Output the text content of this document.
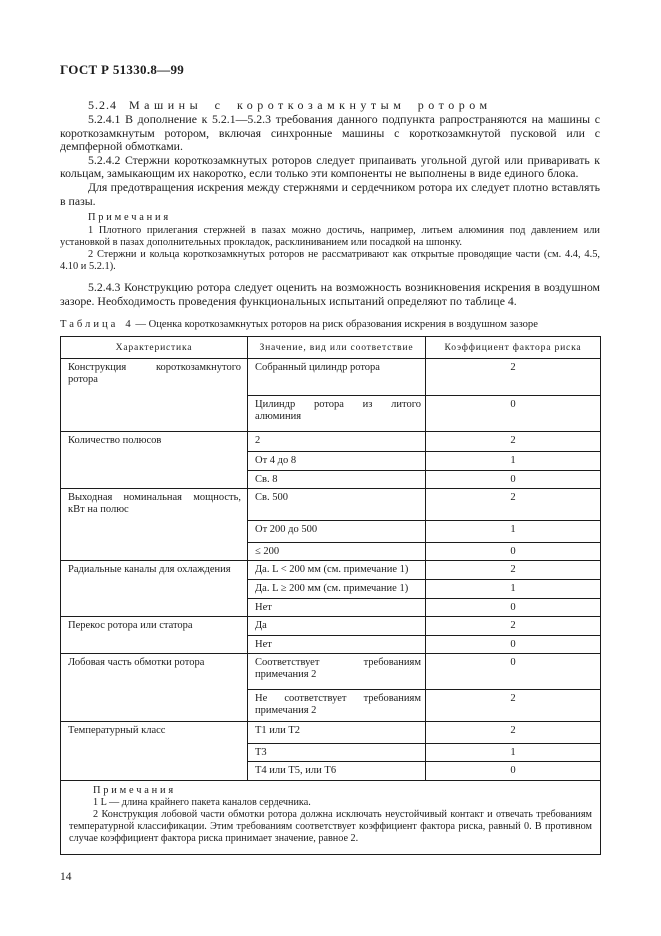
ГОСТ Р 51330.8—99

5.2.4 Машины с короткозамкнутым ротором

5.2.4.1 В дополнение к 5.2.1—5.2.3 требования данного подпункта рапространяются на машины с короткозамкнутым ротором, включая синхронные машины с короткозамкнутой пусковой или с демпферной обмотками.

5.2.4.2 Стержни короткозамкнутых роторов следует припаивать угольной дугой или приваривать к кольцам, замыкающим их накоротко, если только эти компоненты не выполнены в виде единого блока.

Для предотвращения искрения между стержнями и сердечником ротора их следует плотно вставлять в пазы.

Примечания

1 Плотного прилегания стержней в пазах можно достичь, например, литьем алюминия под давлением или установкой в пазах дополнительных прокладок, расклиниванием или посадкой на шпонку.

2 Стержни и кольца короткозамкнутых роторов не рассматривают как открытые проводящие части (см. 4.4, 4.5, 4.10 и 5.2.1).

5.2.4.3 Конструкцию ротора следует оценить на возможность возникновения искрения в воздушном зазоре. Необходимость проведения функциональных испытаний определяют по таблице 4.

Таблица 4 — Оценка короткозамкнутых роторов на риск образования искрения в воздушном зазоре

Характеристика	Значение, вид или соответствие	Коэффициент фактора риска
Конструкция короткозамкнутого ротора	Собранный цилиндр ротора	2
	Цилиндр ротора из литого алюминия	0
Количество полюсов	2	2
	От 4 до 8	1
	Св. 8	0
Выходная номинальная мощность, кВт на полюс	Св. 500	2
	От 200 до 500	1
	≤ 200	0
Радиальные каналы для охлаждения	Да. L < 200 мм (см. примечание 1)	2
	Да. L ≥ 200 мм (см. примечание 1)	1
	Нет	0
Перекос ротора или статора	Да	2
	Нет	0
Лобовая часть обмотки ротора	Соответствует требованиям примечания 2	0
	Не соответствует требованиям примечания 2	2
Температурный класс	Т1 или Т2	2
	Т3	1
	Т4 или Т5, или Т6	0

Примечания

1 L — длина крайнего пакета каналов сердечника.

2 Конструкция лобовой части обмотки ротора должна исключать неустойчивый контакт и отвечать требованиям температурной классификации. Этим требованиям соответствует коэффициент фактора риска, равный 0. В противном случае коэффициент фактора риска принимает значение, равное 2.		

14
